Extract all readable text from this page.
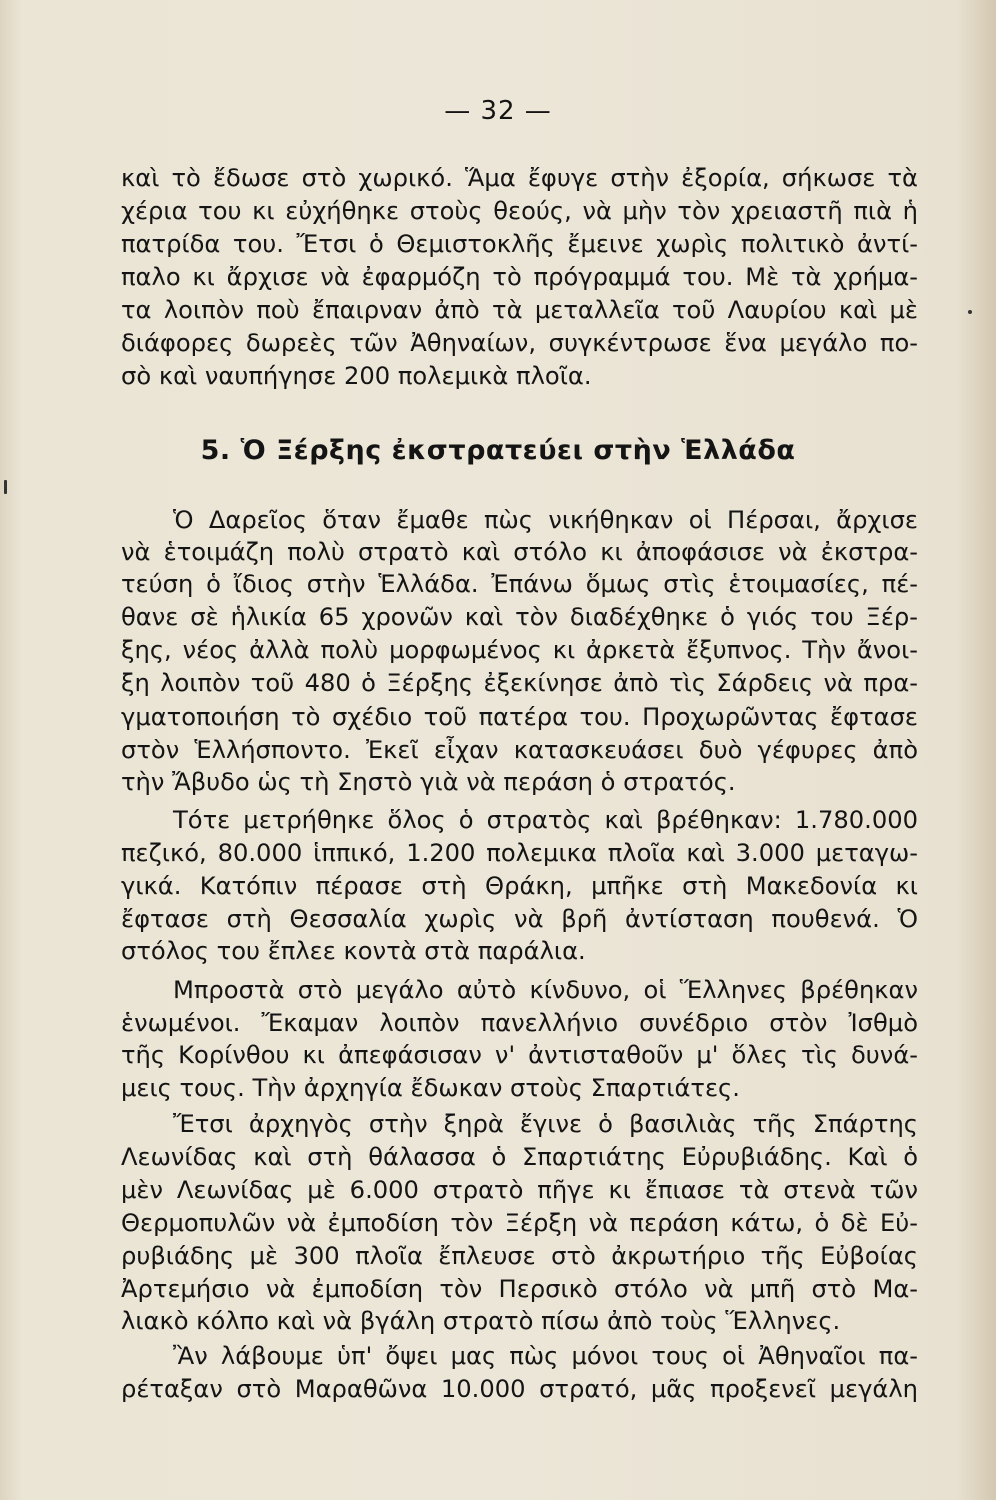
— 32 —
καὶ τὸ ἔδωσε στὸ χωρικό. Ἅμα ἔφυγε στὴν ἐξορία, σήκωσε τὰ
χέρια του κι εὐχήθηκε στοὺς θεούς, νὰ μὴν τὸν χρειαστῆ πιὰ ἡ
πατρίδα του. Ἔτσι ὁ Θεμιστοκλῆς ἔμεινε χωρὶς πολιτικὸ ἀντί-
παλο κι ἄρχισε νὰ ἐφαρμόζη τὸ πρόγραμμά του. Μὲ τὰ χρήμα-
τα λοιπὸν ποὺ ἔπαιρναν ἀπὸ τὰ μεταλλεῖα τοῦ Λαυρίου καὶ μὲ
διάφορες δωρεὲς τῶν Ἀθηναίων, συγκέντρωσε ἕνα μεγάλο πο-
σὸ καὶ ναυπήγησε 200 πολεμικὰ πλοῖα.
5. Ὁ Ξέρξης ἐκστρατεύει στὴν Ἑλλάδα
Ὁ Δαρεῖος ὅταν ἔμαθε πὼς νικήθηκαν οἱ Πέρσαι, ἄρχισε
νὰ ἑτοιμάζη πολὺ στρατὸ καὶ στόλο κι ἀποφάσισε νὰ ἐκστρα-
τεύση ὁ ἴδιος στὴν Ἑλλάδα. Ἐπάνω ὅμως στὶς ἑτοιμασίες, πέ-
θανε σὲ ἡλικία 65 χρονῶν καὶ τὸν διαδέχθηκε ὁ γιός του Ξέρ-
ξης, νέος ἀλλὰ πολὺ μορφωμένος κι ἀρκετὰ ἔξυπνος. Τὴν ἄνοι-
ξη λοιπὸν τοῦ 480 ὁ Ξέρξης ἐξεκίνησε ἀπὸ τὶς Σάρδεις νὰ πρα-
γματοποιήση τὸ σχέδιο τοῦ πατέρα του. Προχωρῶντας ἔφτασε
στὸν Ἑλλήσποντο. Ἐκεῖ εἶχαν κατασκευάσει δυὸ γέφυρες ἀπὸ
τὴν Ἄβυδο ὡς τὴ Σηστὸ γιὰ νὰ περάση ὁ στρατός.
Τότε μετρήθηκε ὅλος ὁ στρατὸς καὶ βρέθηκαν: 1.780.000
πεζικό, 80.000 ἱππικό, 1.200 πολεμικα πλοῖα καὶ 3.000 μεταγω-
γικά. Κατόπιν πέρασε στὴ Θράκη, μπῆκε στὴ Μακεδονία κι
ἔφτασε στὴ Θεσσαλία χωρὶς νὰ βρῆ ἀντίσταση πουθενά. Ὁ
στόλος του ἔπλεε κοντὰ στὰ παράλια.
Μπροστὰ στὸ μεγάλο αὐτὸ κίνδυνο, οἱ Ἕλληνες βρέθηκαν
ἑνωμένοι. Ἔκαμαν λοιπὸν πανελλήνιο συνέδριο στὸν Ἰσθμὸ
τῆς Κορίνθου κι ἀπεφάσισαν ν' ἀντισταθοῦν μ' ὅλες τὶς δυνά-
μεις τους. Τὴν ἀρχηγία ἔδωκαν στοὺς Σπαρτιάτες.
Ἔτσι ἀρχηγὸς στὴν ξηρὰ ἔγινε ὁ βασιλιὰς τῆς Σπάρτης
Λεωνίδας καὶ στὴ θάλασσα ὁ Σπαρτιάτης Εὐρυβιάδης. Καὶ ὁ
μὲν Λεωνίδας μὲ 6.000 στρατὸ πῆγε κι ἔπιασε τὰ στενὰ τῶν
Θερμοπυλῶν νὰ ἐμποδίση τὸν Ξέρξη νὰ περάση κάτω, ὁ δὲ Εὐ-
ρυβιάδης μὲ 300 πλοῖα ἔπλευσε στὸ ἀκρωτήριο τῆς Εὐβοίας
Ἀρτεμήσιο νὰ ἐμποδίση τὸν Περσικὸ στόλο νὰ μπῆ στὸ Μα-
λιακὸ κόλπο καὶ νὰ βγάλη στρατὸ πίσω ἀπὸ τοὺς Ἕλληνες.
Ἂν λάβουμε ὑπ' ὄψει μας πὼς μόνοι τους οἱ Ἀθηναῖοι πα-
ρέταξαν στὸ Μαραθῶνα 10.000 στρατό, μᾶς προξενεῖ μεγάλη
